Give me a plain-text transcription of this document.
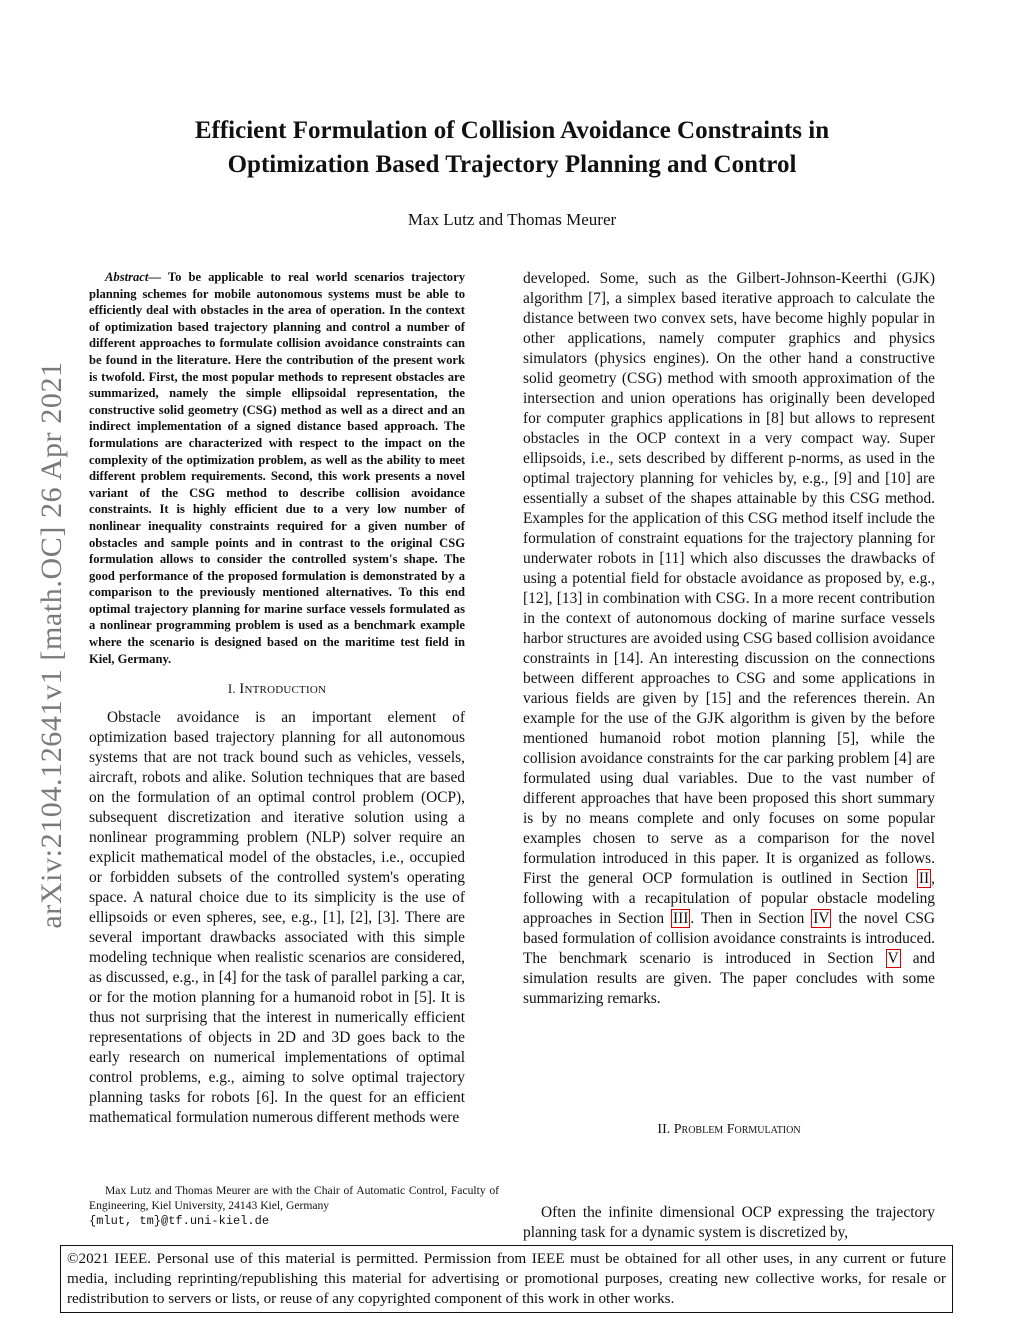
arXiv:2104.12641v1 [math.OC] 26 Apr 2021
Efficient Formulation of Collision Avoidance Constraints in
Optimization Based Trajectory Planning and Control
Max Lutz and Thomas Meurer

Abstract— To be applicable to real world scenarios trajectory planning schemes for mobile autonomous systems must be able to efficiently deal with obstacles in the area of operation. In the context of optimization based trajectory planning and control a number of different approaches to formulate collision avoidance constraints can be found in the literature. Here the contribution of the present work is twofold. First, the most popular methods to represent obstacles are summarized, namely the simple ellipsoidal representation, the constructive solid geometry (CSG) method as well as a direct and an indirect implementation of a signed distance based approach. The formulations are characterized with respect to the impact on the complexity of the optimization problem, as well as the ability to meet different problem requirements. Second, this work presents a novel variant of the CSG method to describe collision avoidance constraints. It is highly efficient due to a very low number of nonlinear inequality constraints required for a given number of obstacles and sample points and in contrast to the original CSG formulation allows to consider the controlled system's shape. The good performance of the proposed formulation is demonstrated by a comparison to the previously mentioned alternatives. To this end optimal trajectory planning for marine surface vessels formulated as a nonlinear programming problem is used as a benchmark example where the scenario is designed based on the maritime test field in Kiel, Germany.

I. Introduction

Obstacle avoidance is an important element of optimization based trajectory planning for all autonomous systems that are not track bound such as vehicles, vessels, aircraft, robots and alike. Solution techniques that are based on the formulation of an optimal control problem (OCP), subsequent discretization and iterative solution using a nonlinear programming problem (NLP) solver require an explicit mathematical model of the obstacles, i.e., occupied or forbidden subsets of the controlled system's operating space. A natural choice due to its simplicity is the use of ellipsoids or even spheres, see, e.g., [1], [2], [3]. There are several important drawbacks associated with this simple modeling technique when realistic scenarios are considered, as discussed, e.g., in [4] for the task of parallel parking a car, or for the motion planning for a humanoid robot in [5]. It is thus not surprising that the interest in numerically efficient representations of objects in 2D and 3D goes back to the early research on numerical implementations of optimal control problems, e.g., aiming to solve optimal trajectory planning tasks for robots [6]. In the quest for an efficient mathematical formulation numerous different methods were

Max Lutz and Thomas Meurer are with the Chair of Automatic Control, Faculty of Engineering, Kiel University, 24143 Kiel, Germany
{mlut, tm}@tf.uni-kiel.de

developed. Some, such as the Gilbert-Johnson-Keerthi (GJK) algorithm [7], a simplex based iterative approach to calculate the distance between two convex sets, have become highly popular in other applications, namely computer graphics and physics simulators (physics engines). On the other hand a constructive solid geometry (CSG) method with smooth approximation of the intersection and union operations has originally been developed for computer graphics applications in [8] but allows to represent obstacles in the OCP context in a very compact way. Super ellipsoids, i.e., sets described by different p-norms, as used in the optimal trajectory planning for vehicles by, e.g., [9] and [10] are essentially a subset of the shapes attainable by this CSG method. Examples for the application of this CSG method itself include the formulation of constraint equations for the trajectory planning for underwater robots in [11] which also discusses the drawbacks of using a potential field for obstacle avoidance as proposed by, e.g., [12], [13] in combination with CSG. In a more recent contribution in the context of autonomous docking of marine surface vessels harbor structures are avoided using CSG based collision avoidance constraints in [14]. An interesting discussion on the connections between different approaches to CSG and some applications in various fields are given by [15] and the references therein. An example for the use of the GJK algorithm is given by the before mentioned humanoid robot motion planning [5], while the collision avoidance constraints for the car parking problem [4] are formulated using dual variables. Due to the vast number of different approaches that have been proposed this short summary is by no means complete and only focuses on some popular examples chosen to serve as a comparison for the novel formulation introduced in this paper. It is organized as follows. First the general OCP formulation is outlined in Section II , following with a recapitulation of popular obstacle modeling approaches in Section III . Then in Section IV the novel CSG based formulation of collision avoidance constraints is introduced. The benchmark scenario is introduced in Section V and simulation results are given. The paper concludes with some summarizing remarks.

II. Problem Formulation

Often the infinite dimensional OCP expressing the trajectory planning task for a dynamic system is discretized by,

©2021 IEEE. Personal use of this material is permitted. Permission from IEEE must be obtained for all other uses, in any current or future media, including reprinting/republishing this material for advertising or promotional purposes, creating new collective works, for resale or redistribution to servers or lists, or reuse of any copyrighted component of this work in other works.
